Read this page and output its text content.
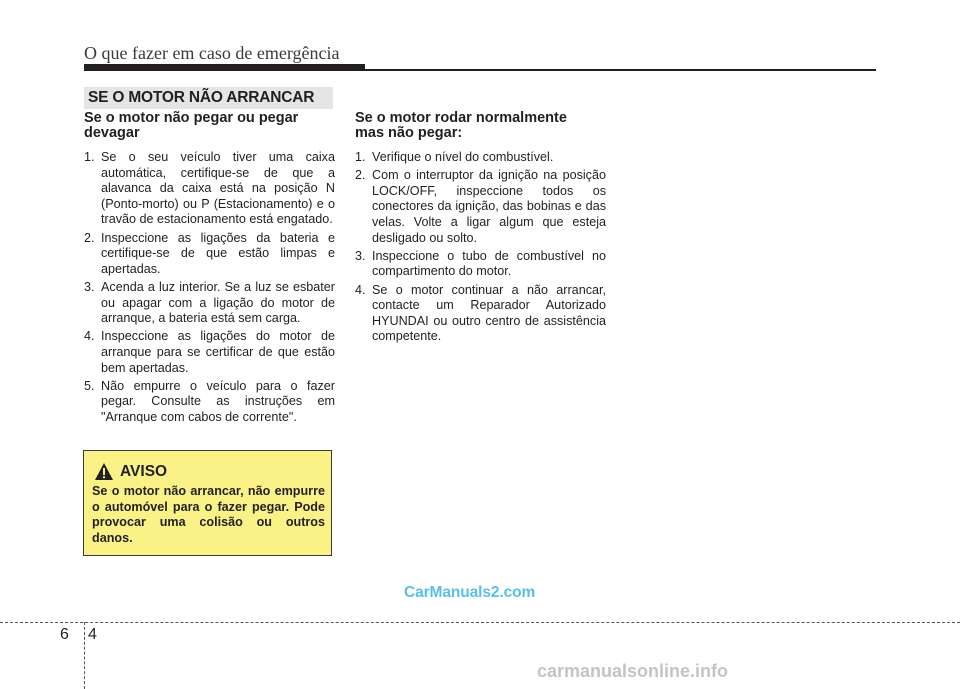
O que fazer em caso de emergência
SE O MOTOR NÃO ARRANCAR
Se o motor não pegar ou pegar
devagar
1. Se o seu veículo tiver uma caixa automática, certifique-se de que a alavanca da caixa está na posição N (Ponto-morto) ou P (Estacionamento) e o travão de estacionamento está engatado.
2. Inspeccione as ligações da bateria e certifique-se de que estão limpas e apertadas.
3. Acenda a luz interior. Se a luz se esbater ou apagar com a ligação do motor de arranque, a bateria está sem carga.
4. Inspeccione as ligações do motor de arranque para se certificar de que estão bem apertadas.
5. Não empurre o veículo para o fazer pegar. Consulte as instruções em "Arranque com cabos de corrente".
Se o motor rodar normalmente
mas não pegar:
1. Verifique o nível do combustível.
2. Com o interruptor da ignição na posição LOCK/OFF, inspeccione todos os conectores da ignição, das bobinas e das velas. Volte a ligar algum que esteja desligado ou solto.
3. Inspeccione o tubo de combustível no compartimento do motor.
4. Se o motor continuar a não arrancar, contacte um Reparador Autorizado HYUNDAI ou outro centro de assistência competente.
AVISO
Se o motor não arrancar, não empurre o automóvel para o fazer pegar. Pode provocar uma colisão ou outros danos.
CarManuals2.com
6 4
carmanualsonline.info
